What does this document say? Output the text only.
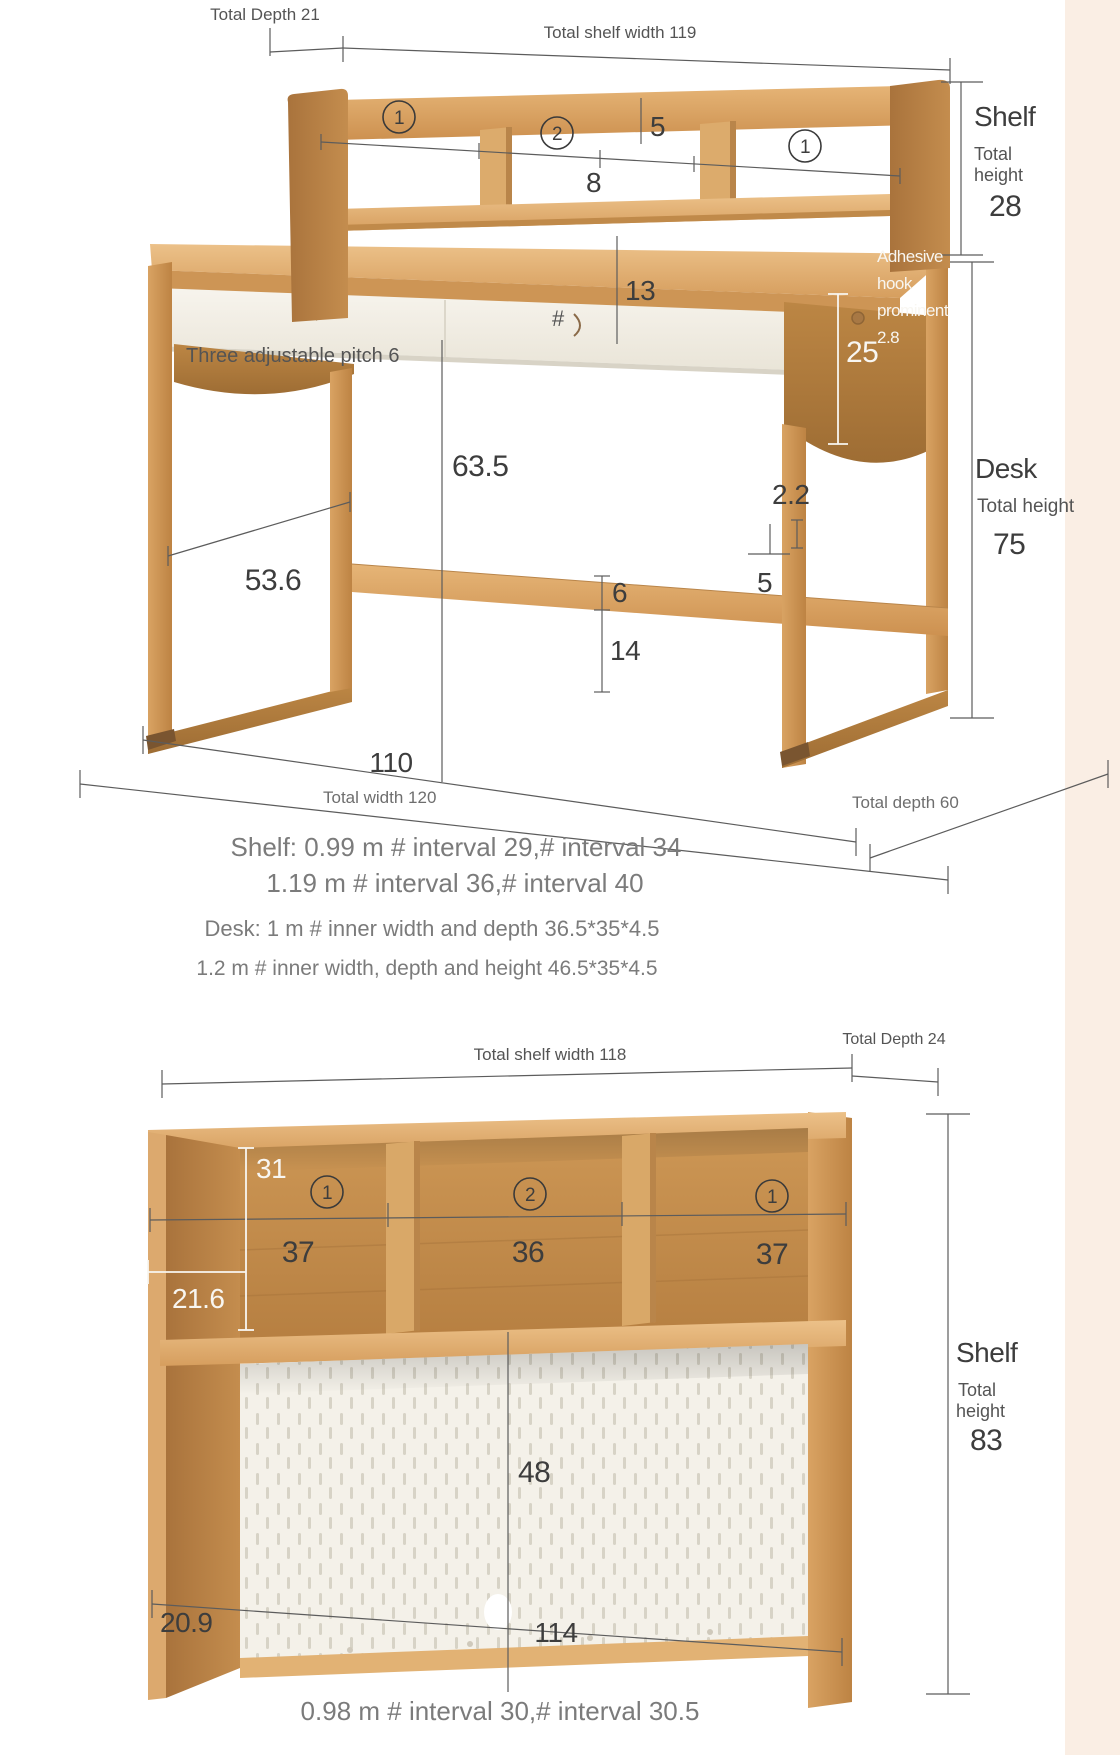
#
Total Depth 21
Total shelf width 119
1
2
1
5
8
13
Shelf
Total
height
28
Adhesive
hook
prominent
2.8
25
Three adjustable pitch 6
63.5
53.6
2.2
5
6
14
110
Total width 120	Total depth 60
Desk
Total height
75
Shelf: 0.99 m # interval 29,# interval 34
1.19 m # interval 36,# interval 40
Desk: 1 m # inner width and depth 36.5*35*4.5
1.2 m # inner width, depth and height 46.5*35*4.5
Total shelf width 118
Total Depth 24
1	2	1
37	36	37
31
21.6
48
20.9	114
Shelf
Total
height
83
0.98 m # interval 30,# interval 30.5
